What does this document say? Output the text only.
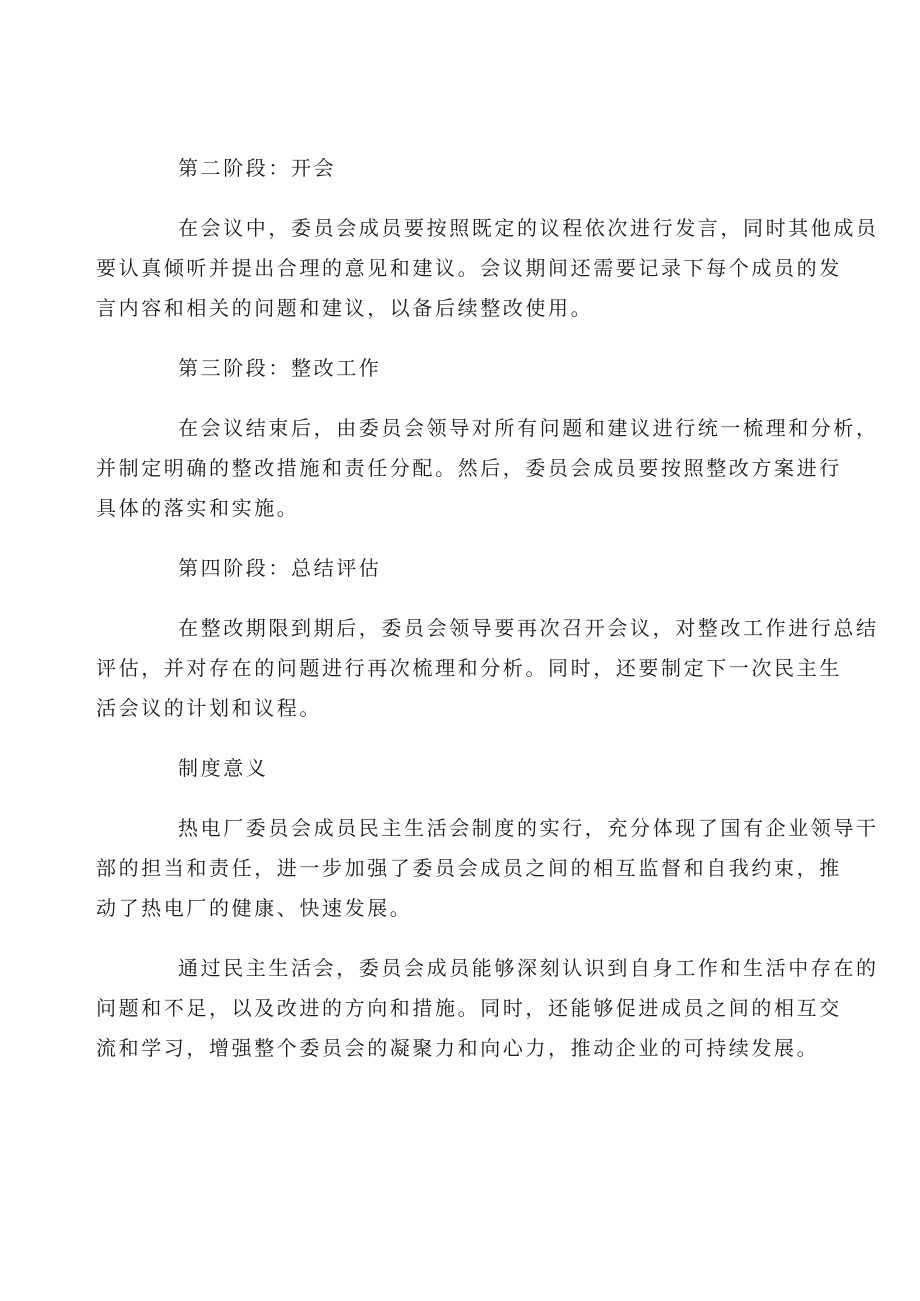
第二阶段：开会
在会议中，委员会成员要按照既定的议程依次进行发言，同时其他成员
要认真倾听并提出合理的意见和建议。会议期间还需要记录下每个成员的发
言内容和相关的问题和建议，以备后续整改使用。
第三阶段：整改工作
在会议结束后，由委员会领导对所有问题和建议进行统一梳理和分析，
并制定明确的整改措施和责任分配。然后，委员会成员要按照整改方案进行
具体的落实和实施。
第四阶段：总结评估
在整改期限到期后，委员会领导要再次召开会议，对整改工作进行总结
评估，并对存在的问题进行再次梳理和分析。同时，还要制定下一次民主生
活会议的计划和议程。
制度意义
热电厂委员会成员民主生活会制度的实行，充分体现了国有企业领导干
部的担当和责任，进一步加强了委员会成员之间的相互监督和自我约束，推
动了热电厂的健康、快速发展。
通过民主生活会，委员会成员能够深刻认识到自身工作和生活中存在的
问题和不足，以及改进的方向和措施。同时，还能够促进成员之间的相互交
流和学习，增强整个委员会的凝聚力和向心力，推动企业的可持续发展。
